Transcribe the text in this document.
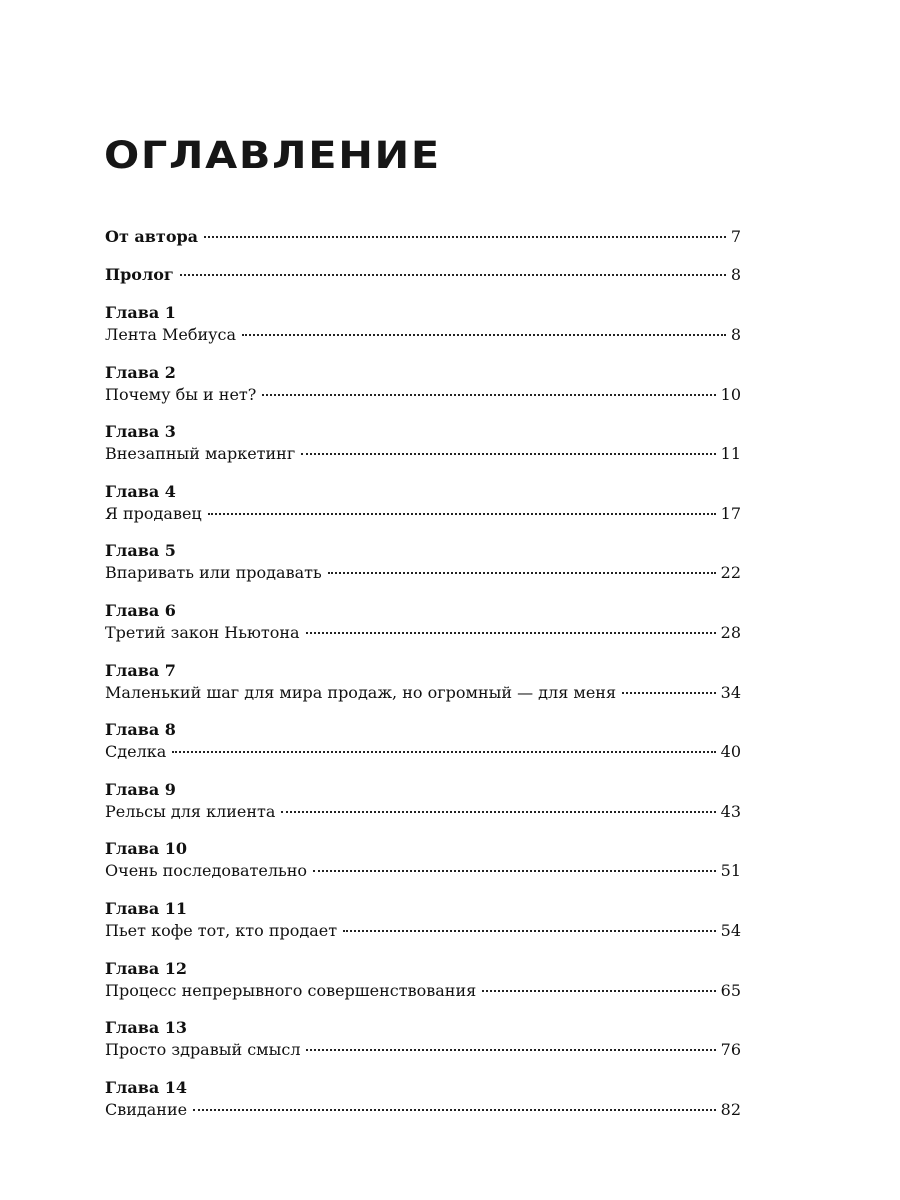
ОГЛАВЛЕНИЕ
От автора	7
Пролог	8
Глава 1
Лента Мебиуса	8
Глава 2
Почему бы и нет?	10
Глава 3
Внезапный маркетинг	11
Глава 4
Я продавец	17
Глава 5
Впаривать или продавать	22
Глава 6
Третий закон Ньютона	28
Глава 7
Маленький шаг для мира продаж, но огромный — для меня	34
Глава 8
Сделка	40
Глава 9
Рельсы для клиента	43
Глава 10
Очень последовательно	51
Глава 11
Пьет кофе тот, кто продает	54
Глава 12
Процесс непрерывного совершенствования	65
Глава 13
Просто здравый смысл	76
Глава 14
Свидание	82
